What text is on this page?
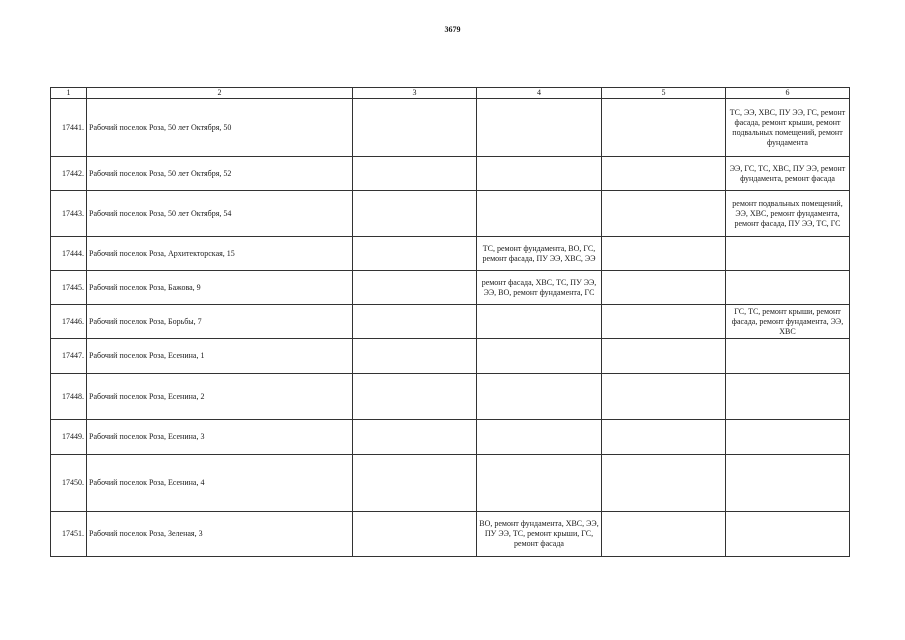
3679
1	2	3	4	5	6
17441.	Рабочий поселок Роза, 50 лет Октября, 50				ТС, ЭЭ, ХВС, ПУ ЭЭ, ГС, ремонт фасада, ремонт крыши, ремонт подвальных помещений, ремонт фундамента
17442.	Рабочий поселок Роза, 50 лет Октября, 52				ЭЭ, ГС, ТС, ХВС, ПУ ЭЭ, ремонт фундамента, ремонт фасада
17443.	Рабочий поселок Роза, 50 лет Октября, 54				ремонт подвальных помещений, ЭЭ, ХВС, ремонт фундамента, ремонт фасада, ПУ ЭЭ, ТС, ГС
17444.	Рабочий поселок Роза, Архитекторская, 15		ТС, ремонт фундамента, ВО, ГС, ремонт фасада, ПУ ЭЭ, ХВС, ЭЭ		
17445.	Рабочий поселок Роза, Бажова, 9		ремонт фасада, ХВС, ТС, ПУ ЭЭ, ЭЭ, ВО, ремонт фундамента, ГС		
17446.	Рабочий поселок Роза, Борьбы, 7				ГС, ТС, ремонт крыши, ремонт фасада, ремонт фундамента, ЭЭ, ХВС
17447.	Рабочий поселок Роза, Есенина, 1				
17448.	Рабочий поселок Роза, Есенина, 2				
17449.	Рабочий поселок Роза, Есенина, 3				
17450.	Рабочий поселок Роза, Есенина, 4				
17451.	Рабочий поселок Роза, Зеленая, 3		ВО, ремонт фундамента, ХВС, ЭЭ, ПУ ЭЭ, ТС, ремонт крыши, ГС, ремонт фасада		
